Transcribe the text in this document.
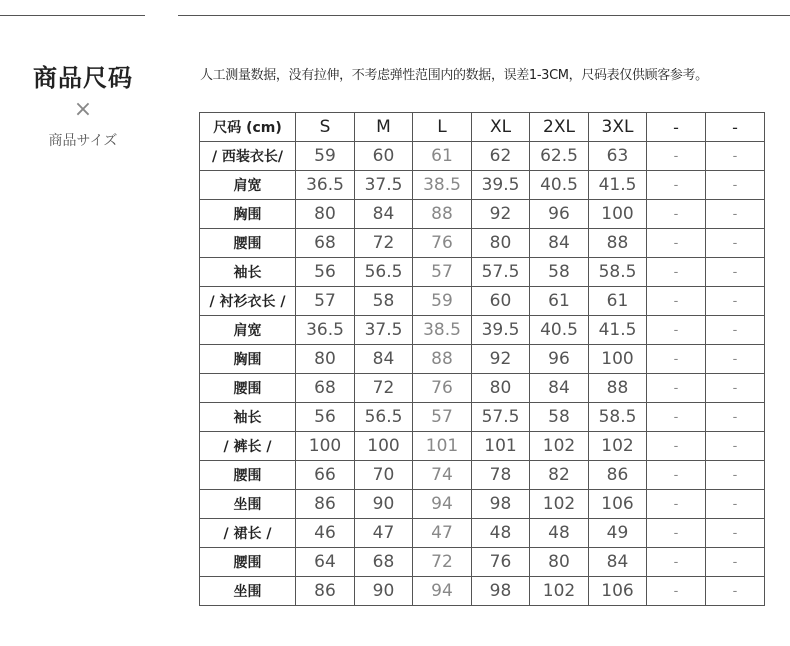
商品尺码
×
商品サイズ
人工测量数据，没有拉伸，不考虑弹性范围内的数据，误差1-3CM，尺码表仅供顾客参考。
尺码 (cm)	S	M	L	XL	2XL	3XL	-	-
/ 西装衣长/	59	60	61	62	62.5	63	-	-
肩宽	36.5	37.5	38.5	39.5	40.5	41.5	-	-
胸围	80	84	88	92	96	100	-	-
腰围	68	72	76	80	84	88	-	-
袖长	56	56.5	57	57.5	58	58.5	-	-
/ 衬衫衣长 /	57	58	59	60	61	61	-	-
肩宽	36.5	37.5	38.5	39.5	40.5	41.5	-	-
胸围	80	84	88	92	96	100	-	-
腰围	68	72	76	80	84	88	-	-
袖长	56	56.5	57	57.5	58	58.5	-	-
/ 裤长 /	100	100	101	101	102	102	-	-
腰围	66	70	74	78	82	86	-	-
坐围	86	90	94	98	102	106	-	-
/ 裙长 /	46	47	47	48	48	49	-	-
腰围	64	68	72	76	80	84	-	-
坐围	86	90	94	98	102	106	-	-
